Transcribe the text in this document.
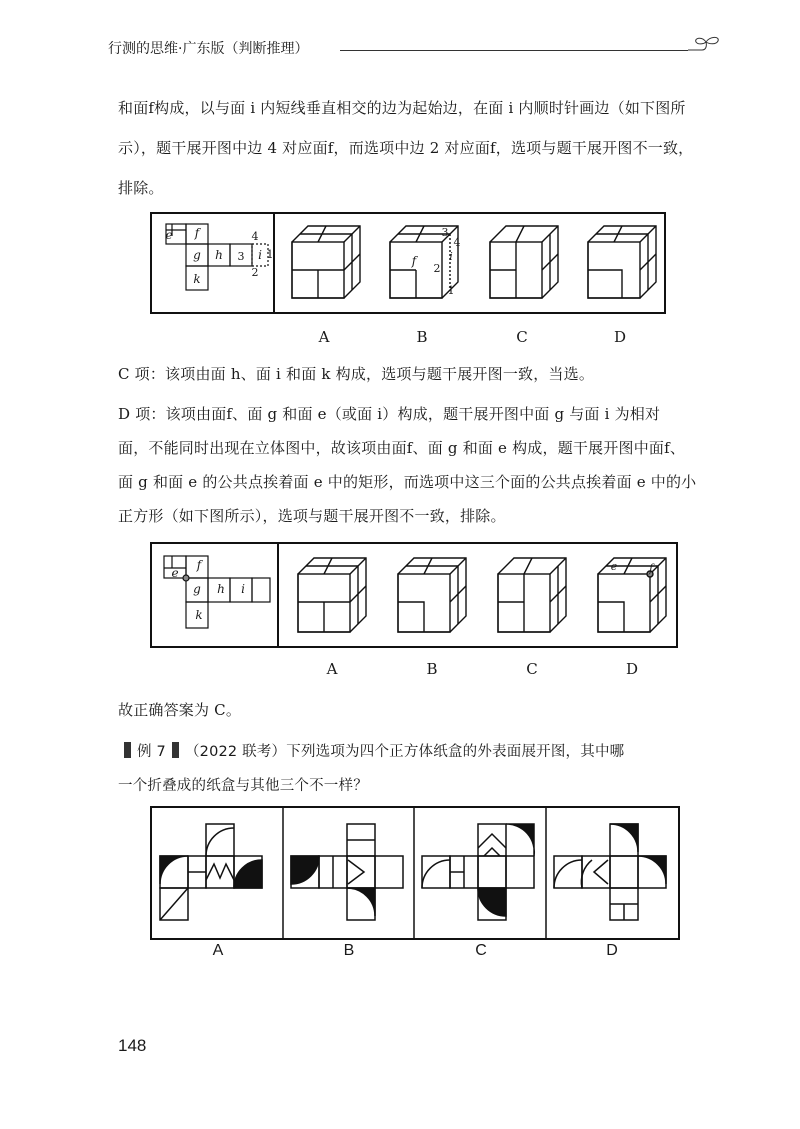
行测的思维·广东版（判断推理）
和面f构成，以与面 i 内短线垂直相交的边为起始边，在面 i 内顺时针画边（如下图所
示），题干展开图中边 4 对应面f，而选项中边 2 对应面f，选项与题干展开图不一致，
排除。
e	f
g h	i
k
1
2
3
4
f	i
2
4
3
1
A	B	C	D
C 项：该项由面 h、面 i 和面 k 构成，选项与题干展开图一致，当选。
D 项：该项由面f、面 g 和面 e（或面 i）构成，题干展开图中面 g 与面 i 为相对
面，不能同时出现在立体图中，故该项由面f、面 g 和面 e 构成，题干展开图中面f、
面 g 和面 e 的公共点挨着面 e 中的矩形，而选项中这三个面的公共点挨着面 e 中的小
正方形（如下图所示），选项与题干展开图不一致，排除。
e
f
g h	i
k
e	f
A	B	C	D
故正确答案为 C。
例 7 （2022 联考）下列选项为四个正方体纸盒的外表面展开图，其中哪
一个折叠成的纸盒与其他三个不一样？
A	B	C	D
148
